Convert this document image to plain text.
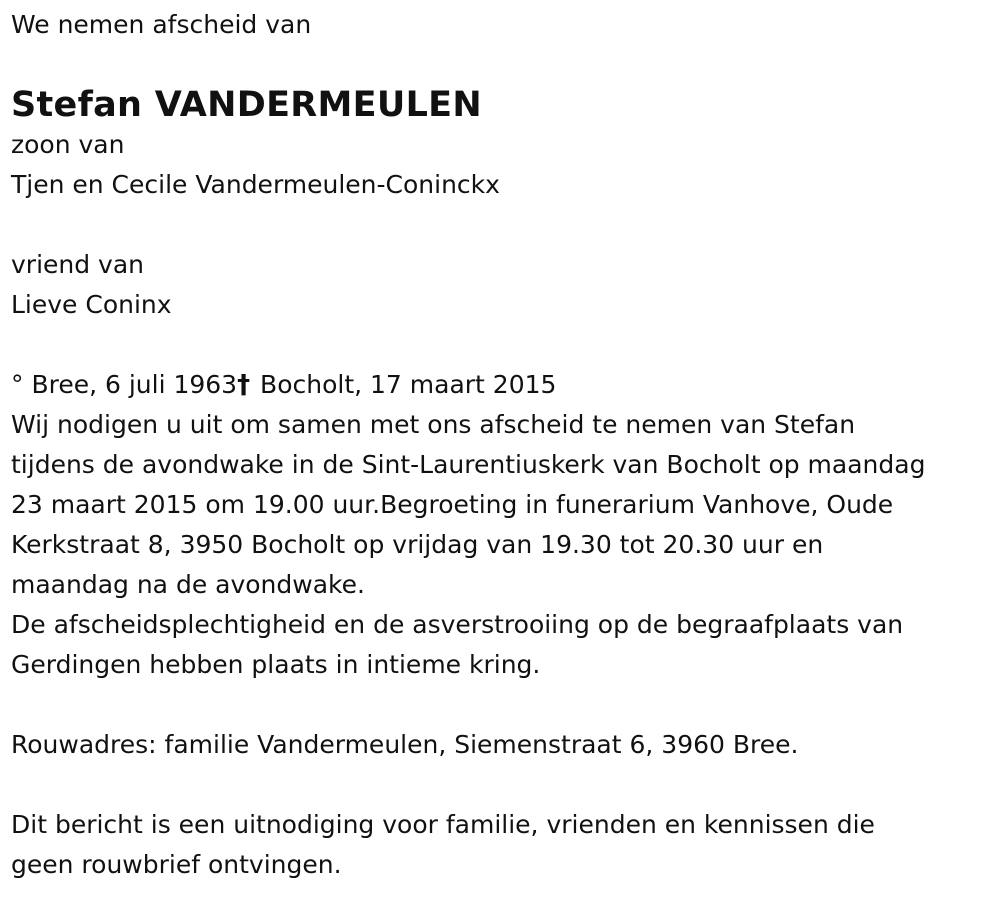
We nemen afscheid van
Stefan VANDERMEULEN
zoon van
Tjen en Cecile Vandermeulen-Coninckx
vriend van
Lieve Coninx
° Bree, 6 juli 1963† Bocholt, 17 maart 2015
Wij nodigen u uit om samen met ons afscheid te nemen van Stefan
tijdens de avondwake in de Sint-Laurentiuskerk van Bocholt op maandag
23 maart 2015 om 19.00 uur.Begroeting in funerarium Vanhove, Oude
Kerkstraat 8, 3950 Bocholt op vrijdag van 19.30 tot 20.30 uur en
maandag na de avondwake.
De afscheidsplechtigheid en de asverstrooiing op de begraafplaats van
Gerdingen hebben plaats in intieme kring.
Rouwadres: familie Vandermeulen, Siemenstraat 6, 3960 Bree.
Dit bericht is een uitnodiging voor familie, vrienden en kennissen die
geen rouwbrief ontvingen.
